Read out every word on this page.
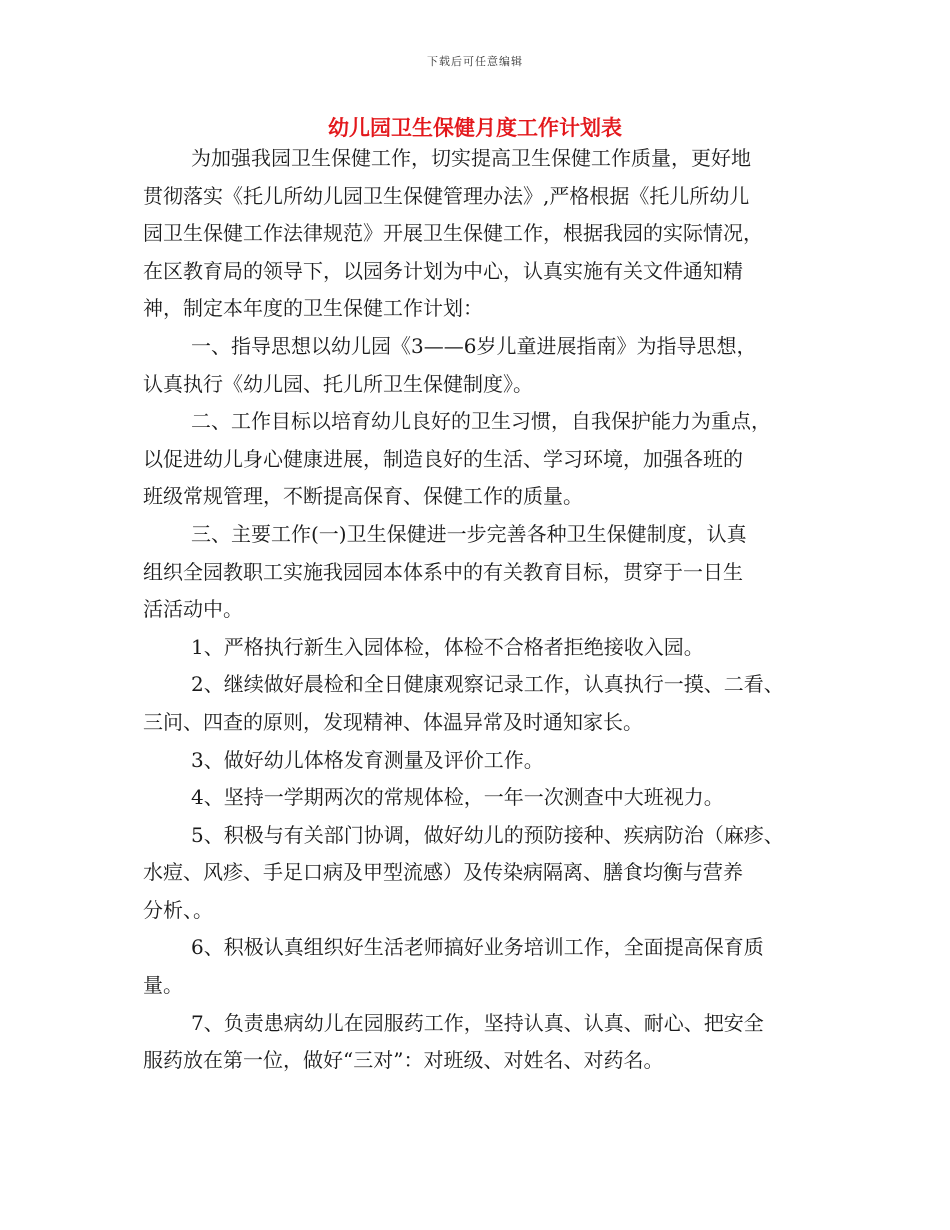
下载后可任意编辑
幼儿园卫生保健月度工作计划表
为加强我园卫生保健工作，切实提高卫生保健工作质量，更好地
贯彻落实《托儿所幼儿园卫生保健管理办法》,严格根据《托儿所幼儿
园卫生保健工作法律规范》开展卫生保健工作，根据我园的实际情况，
在区教育局的领导下，以园务计划为中心，认真实施有关文件通知精
神，制定本年度的卫生保健工作计划：
一、指导思想以幼儿园《3——6岁儿童进展指南》为指导思想，
认真执行《幼儿园、托儿所卫生保健制度》。
二、工作目标以培育幼儿良好的卫生习惯，自我保护能力为重点，
以促进幼儿身心健康进展，制造良好的生活、学习环境，加强各班的
班级常规管理，不断提高保育、保健工作的质量。
三、主要工作(一)卫生保健进一步完善各种卫生保健制度，认真
组织全园教职工实施我园园本体系中的有关教育目标，贯穿于一日生
活活动中。
1、严格执行新生入园体检，体检不合格者拒绝接收入园。
2、继续做好晨检和全日健康观察记录工作，认真执行一摸、二看、
三问、四查的原则，发现精神、体温异常及时通知家长。
3、做好幼儿体格发育测量及评价工作。
4、坚持一学期两次的常规体检，一年一次测查中大班视力。
5、积极与有关部门协调，做好幼儿的预防接种、疾病防治（麻疹、
水痘、风疹、手足口病及甲型流感）及传染病隔离、膳食均衡与营养
分析、。
6、积极认真组织好生活老师搞好业务培训工作，全面提高保育质
量。
7、负责患病幼儿在园服药工作，坚持认真、认真、耐心、把安全
服药放在第一位，做好“三对”：对班级、对姓名、对药名。
